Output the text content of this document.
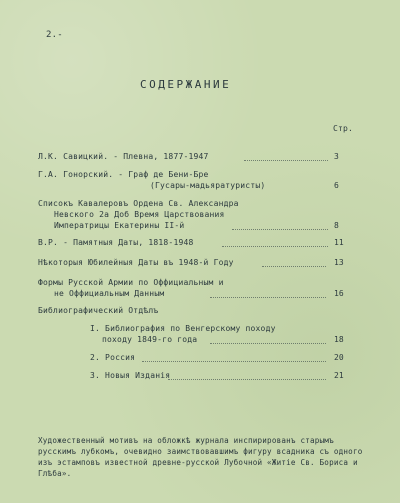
2.-
СОДЕРЖАНИЕ
Стр.
Л.К. Савицкий. - Плевна, 1877-1947	3
Г.А. Гонорский. - Граф де Бени-Бре
(Гусары-мадьяратуристы)	6
Списокъ Кавалеровъ Ордена Св. Александра
Невского 2а Доб Время Царствования
Императрицы Екатерины II-й	8
В.Р. - Памятныя Даты, 1818-1948	11
Нѣкоторыя Юбилейныя Даты въ 1948-й Году	13
Формы Русской Армии по Оффициальным и
не Оффициальным Данным	16
Библиографический Отдѣлъ
I. Библиография по Венгерскому походу
походу 1849-го года	18
2. Россия	20
3. Новыя Изданія	21
Художественный мотивъ на обложкѣ журнала инспирированъ старымъ русскимъ лубкомъ, очевидно заимствовавшимъ фигуру всадника съ одного изъ эстамповъ известной древне-русской Лубочной «Житіе Св. Бориса и Глѣба».
